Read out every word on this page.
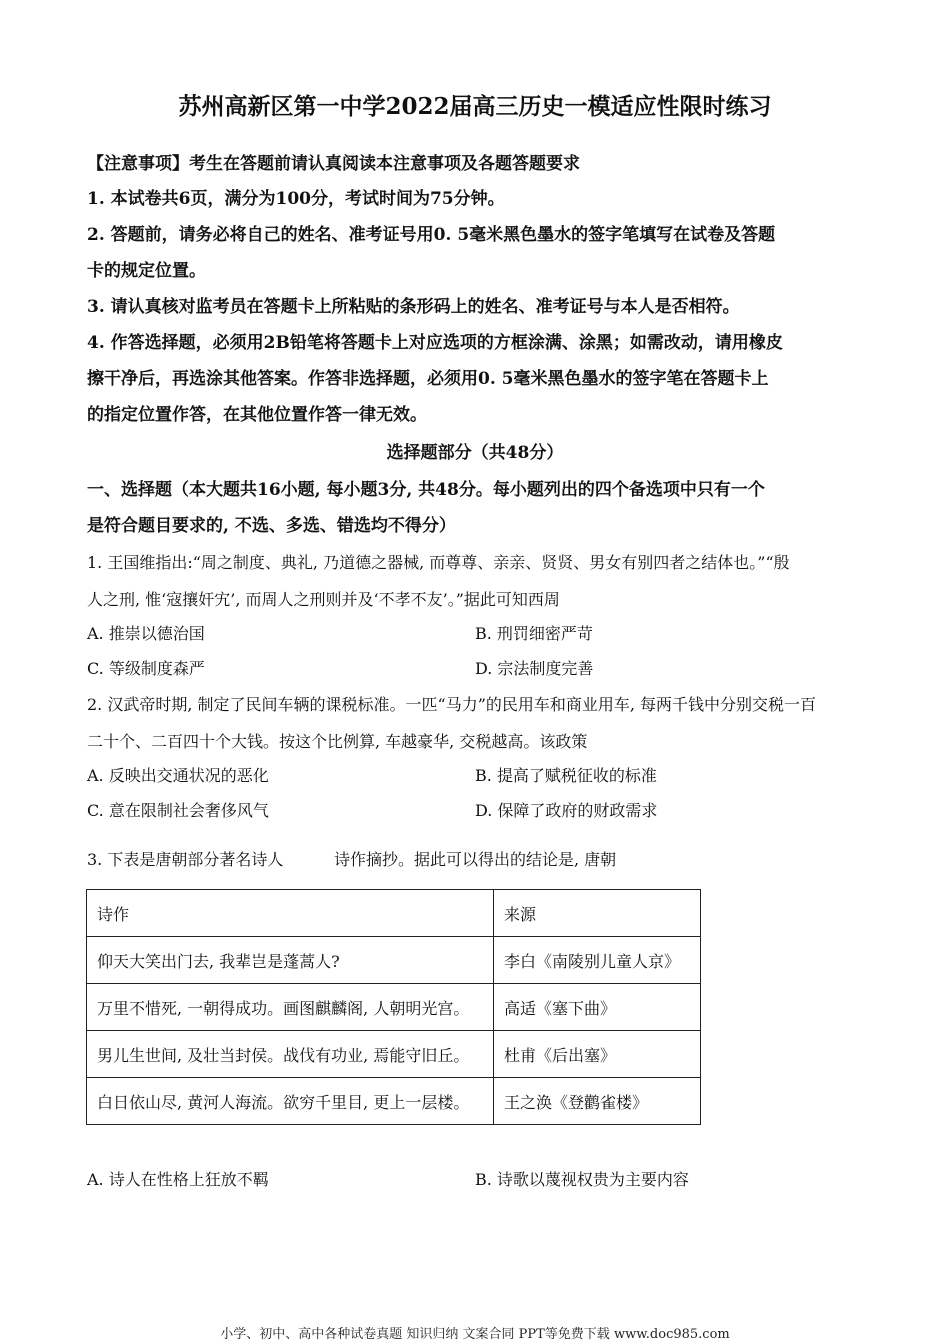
苏州高新区第一中学2022届高三历史一模适应性限时练习
【注意事项】考生在答题前请认真阅读本注意事项及各题答题要求
1. 本试卷共6页，满分为100分，考试时间为75分钟。
2. 答题前，请务必将自己的姓名、准考证号用0. 5毫米黑色墨水的签字笔填写在试卷及答题
卡的规定位置。
3. 请认真核对监考员在答题卡上所粘贴的条形码上的姓名、准考证号与本人是否相符。
4. 作答选择题，必须用2B铅笔将答题卡上对应选项的方框涂满、涂黑；如需改动，请用橡皮
擦干净后，再选涂其他答案。作答非选择题，必须用0. 5毫米黑色墨水的签字笔在答题卡上
的指定位置作答，在其他位置作答一律无效。
选择题部分（共48分）
一、选择题（本大题共16小题, 每小题3分, 共48分。每小题列出的四个备选项中只有一个
是符合题目要求的, 不选、多选、错选均不得分）
1. 王国维指出:“周之制度、典礼, 乃道德之器械, 而尊尊、亲亲、贤贤、男女有别四者之结体也。”“殷
人之刑, 惟‘寇攘奸宄’, 而周人之刑则并及‘不孝不友’。”据此可知西周
A. 推崇以德治国	B. 刑罚细密严苛
C. 等级制度森严	D. 宗法制度完善
2. 汉武帝时期, 制定了民间车辆的课税标准。一匹“马力”的民用车和商业用车, 每两千钱中分别交税一百
二十个、二百四十个大钱。按这个比例算, 车越豪华, 交税越高。该政策
A. 反映出交通状况的恶化	B. 提高了赋税征收的标准
C. 意在限制社会奢侈风气	D. 保障了政府的财政需求
3. 下表是唐朝部分著名诗人	诗作摘抄。据此可以得出的结论是, 唐朝
诗作	来源
仰天大笑出门去, 我辈岂是蓬蒿人?	李白《南陵别儿童人京》
万里不惜死, 一朝得成功。画图麒麟阁, 人朝明光宫。	高适《塞下曲》
男儿生世间, 及壮当封侯。战伐有功业, 焉能守旧丘。	杜甫《后出塞》
白日依山尽, 黄河人海流。欲穷千里目, 更上一层楼。	王之涣《登鹳雀楼》
A. 诗人在性格上狂放不羁	B. 诗歌以蔑视权贵为主要内容
小学、初中、高中各种试卷真题 知识归纳 文案合同 PPT等免费下载 www.doc985.com
